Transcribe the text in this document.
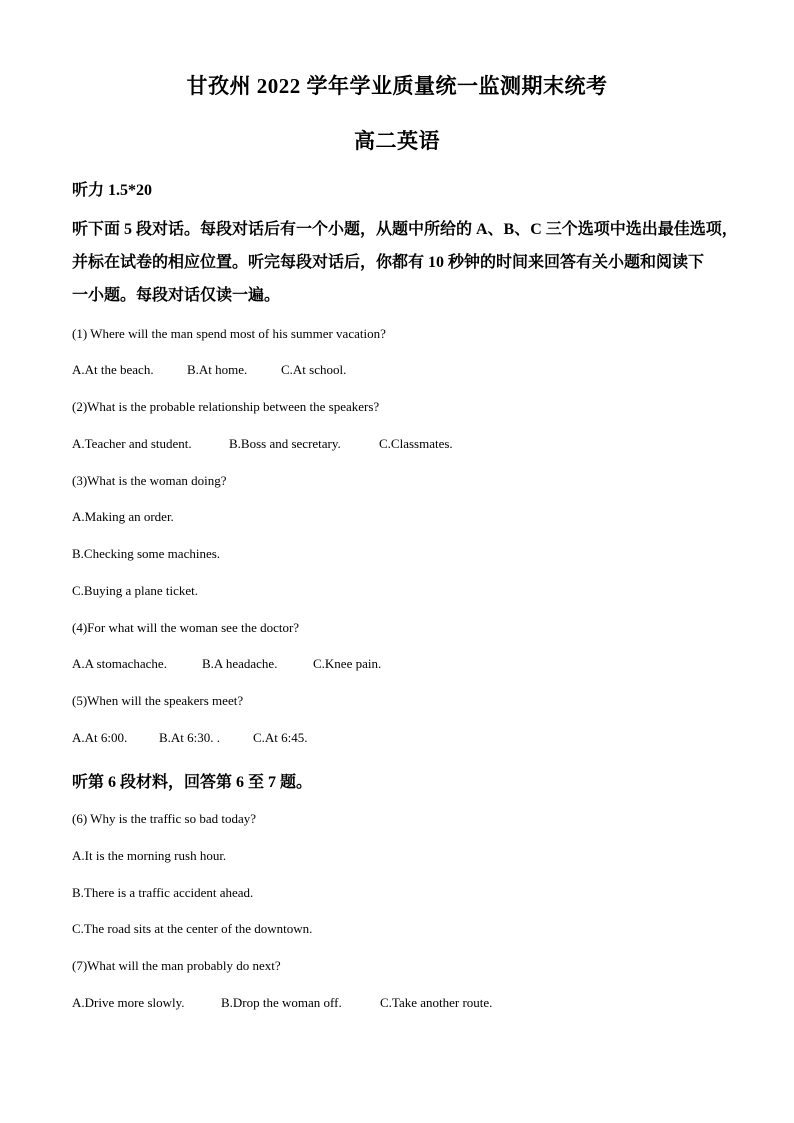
甘孜州 2022 学年学业质量统一监测期末统考
高二英语
听力 1.5*20
听下面 5 段对话。每段对话后有一个小题，从题中所给的 A、B、C 三个选项中选出最佳选项，
并标在试卷的相应位置。听完每段对话后，你都有 10 秒钟的时间来回答有关小题和阅读下
一小题。每段对话仅读一遍。
(1) Where will the man spend most of his summer vacation?
A.At the beach.	B.At home.	C.At school.
(2)What is the probable relationship between the speakers?
A.Teacher and student.	B.Boss and secretary.	C.Classmates.
(3)What is the woman doing?
A.Making an order.
B.Checking some machines.
C.Buying a plane ticket.
(4)For what will the woman see the doctor?
A.A stomachache.	B.A headache.	C.Knee pain.
(5)When will the speakers meet?
A.At 6:00. B.At 6:30. .	C.At 6:45.
听第 6 段材料，回答第 6 至 7 题。
(6) Why is the traffic so bad today?
A.It is the morning rush hour.
B.There is a traffic accident ahead.
C.The road sits at the center of the downtown.
(7)What will the man probably do next?
A.Drive more slowly.	B.Drop the woman off.	C.Take another route.
